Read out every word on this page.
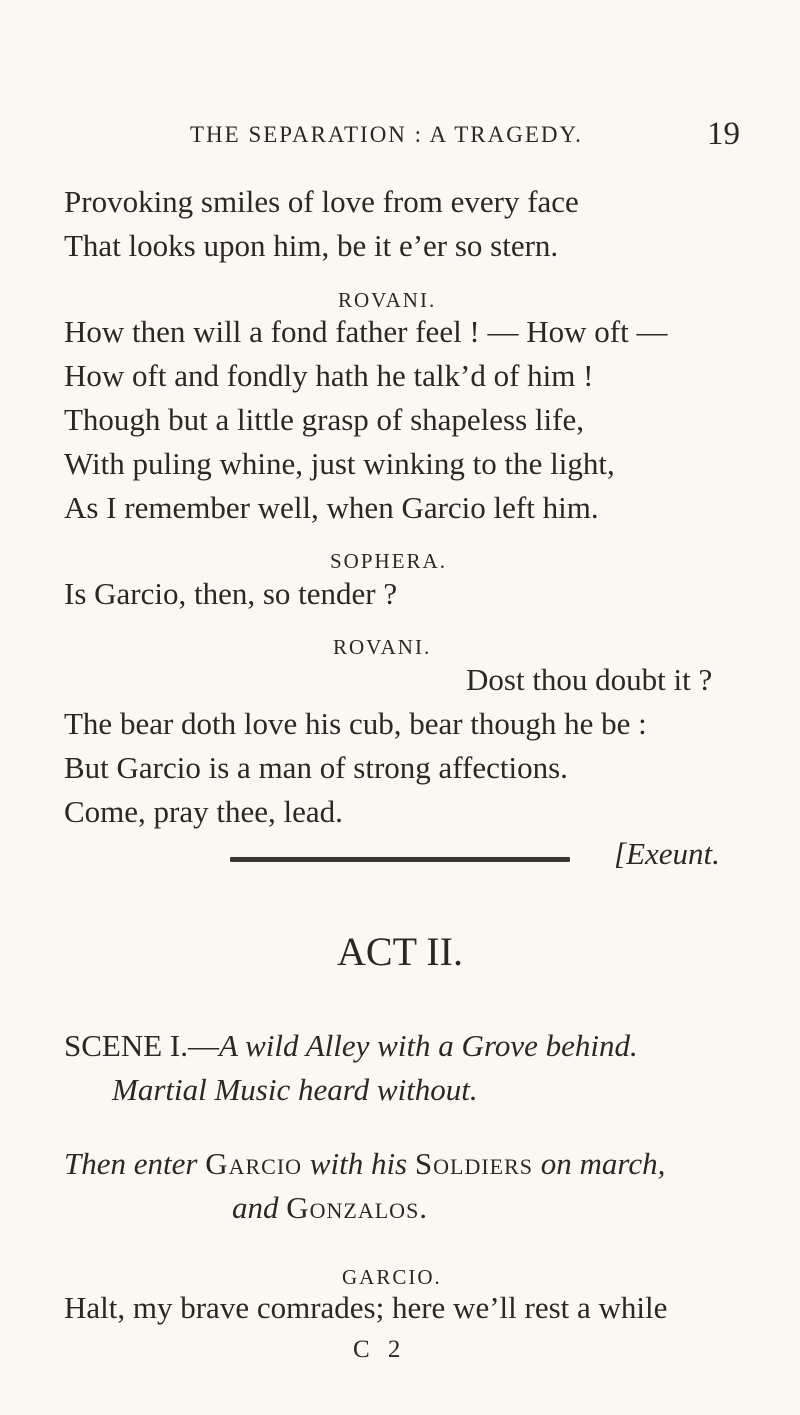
THE SEPARATION : A TRAGEDY.	19

Provoking smiles of love from every face

That looks upon him, be it e’er so stern.

ROVANI.

How then will a fond father feel ! — How oft —

How oft and fondly hath he talk’d of him !

Though but a little grasp of shapeless life,

With puling whine, just winking to the light,

As I remember well, when Garcio left him.

SOPHERA.

Is Garcio, then, so tender ?

ROVANI.

Dost thou doubt it ?

The bear doth love his cub, bear though he be :

But Garcio is a man of strong affections.

Come, pray thee, lead.

[Exeunt.

ACT II.

SCENE I.—A wild Alley with a Grove behind.

Martial Music heard without.

Then enter Garcio with his Soldiers on march,

and Gonzalos.

GARCIO.

Halt, my brave comrades; here we’ll rest a while

C 2
